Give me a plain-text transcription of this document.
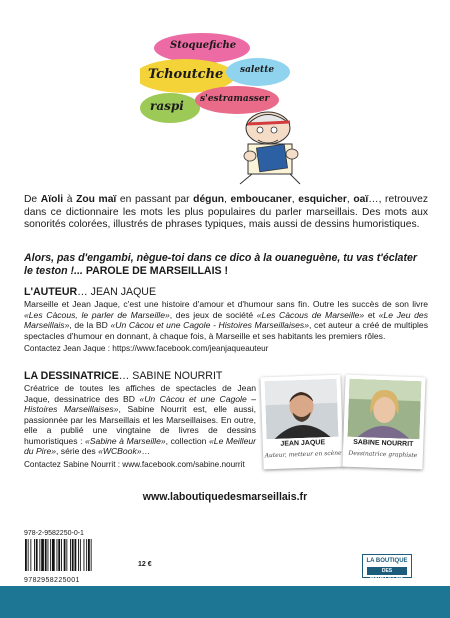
Stoquefiche
Tchoutche salette
raspi s'estramasser

De Aïoli à Zou maï en passant par dégun, emboucaner, esquicher, oaï…, retrouvez dans ce dictionnaire les mots les plus populaires du parler marseillais. Des mots aux sonorités colorées, illustrés de phrases typiques, mais aussi de dessins humoristiques.

Alors, pas d'engambi, nègue-toi dans ce dico à la ouaneguène, tu vas t'éclater le teston !... PAROLE DE MARSEILLAIS !

L'AUTEUR… JEAN JAQUE

Marseille et Jean Jaque, c'est une histoire d'amour et d'humour sans fin. Outre les succès de son livre «Les Càcous, le parler de Marseille», des jeux de société «Les Càcous de Marseille» et «Le Jeu des Marseillais», de la BD «Un Càcou et une Cagole - Histoires Marseillaises», cet auteur a créé de multiples spectacles d'humour en donnant, à chaque fois, à Marseille et ses habitants les premiers rôles.

Contactez Jean Jaque : https://www.facebook.com/jeanjaqueauteur

LA DESSINATRICE… SABINE NOURRIT

Créatrice de toutes les affiches de spectacles de Jean Jaque, dessinatrice des BD «Un Càcou et une Cagole – Histoires Marseillaises», Sabine Nourrit est, elle aussi, passionnée par les Marseillais et les Marseillaises. En outre, elle a publié une vingtaine de livres de dessins humoristiques : «Sabine à Marseille», collection «Le Meilleur du Pire», série des «WCBook»…

Contactez Sabine Nourrit : www.facebook.com/sabine.nourrit

JEAN JAQUE
Auteur, metteur en scène
SABINE NOURRIT
Dessinatrice graphiste
www.laboutiquedesmarseillais.fr
978-2-9582250-0-1
9782958225001
12 €	LA BOUTIQUE
DES MARSEILLAIS
